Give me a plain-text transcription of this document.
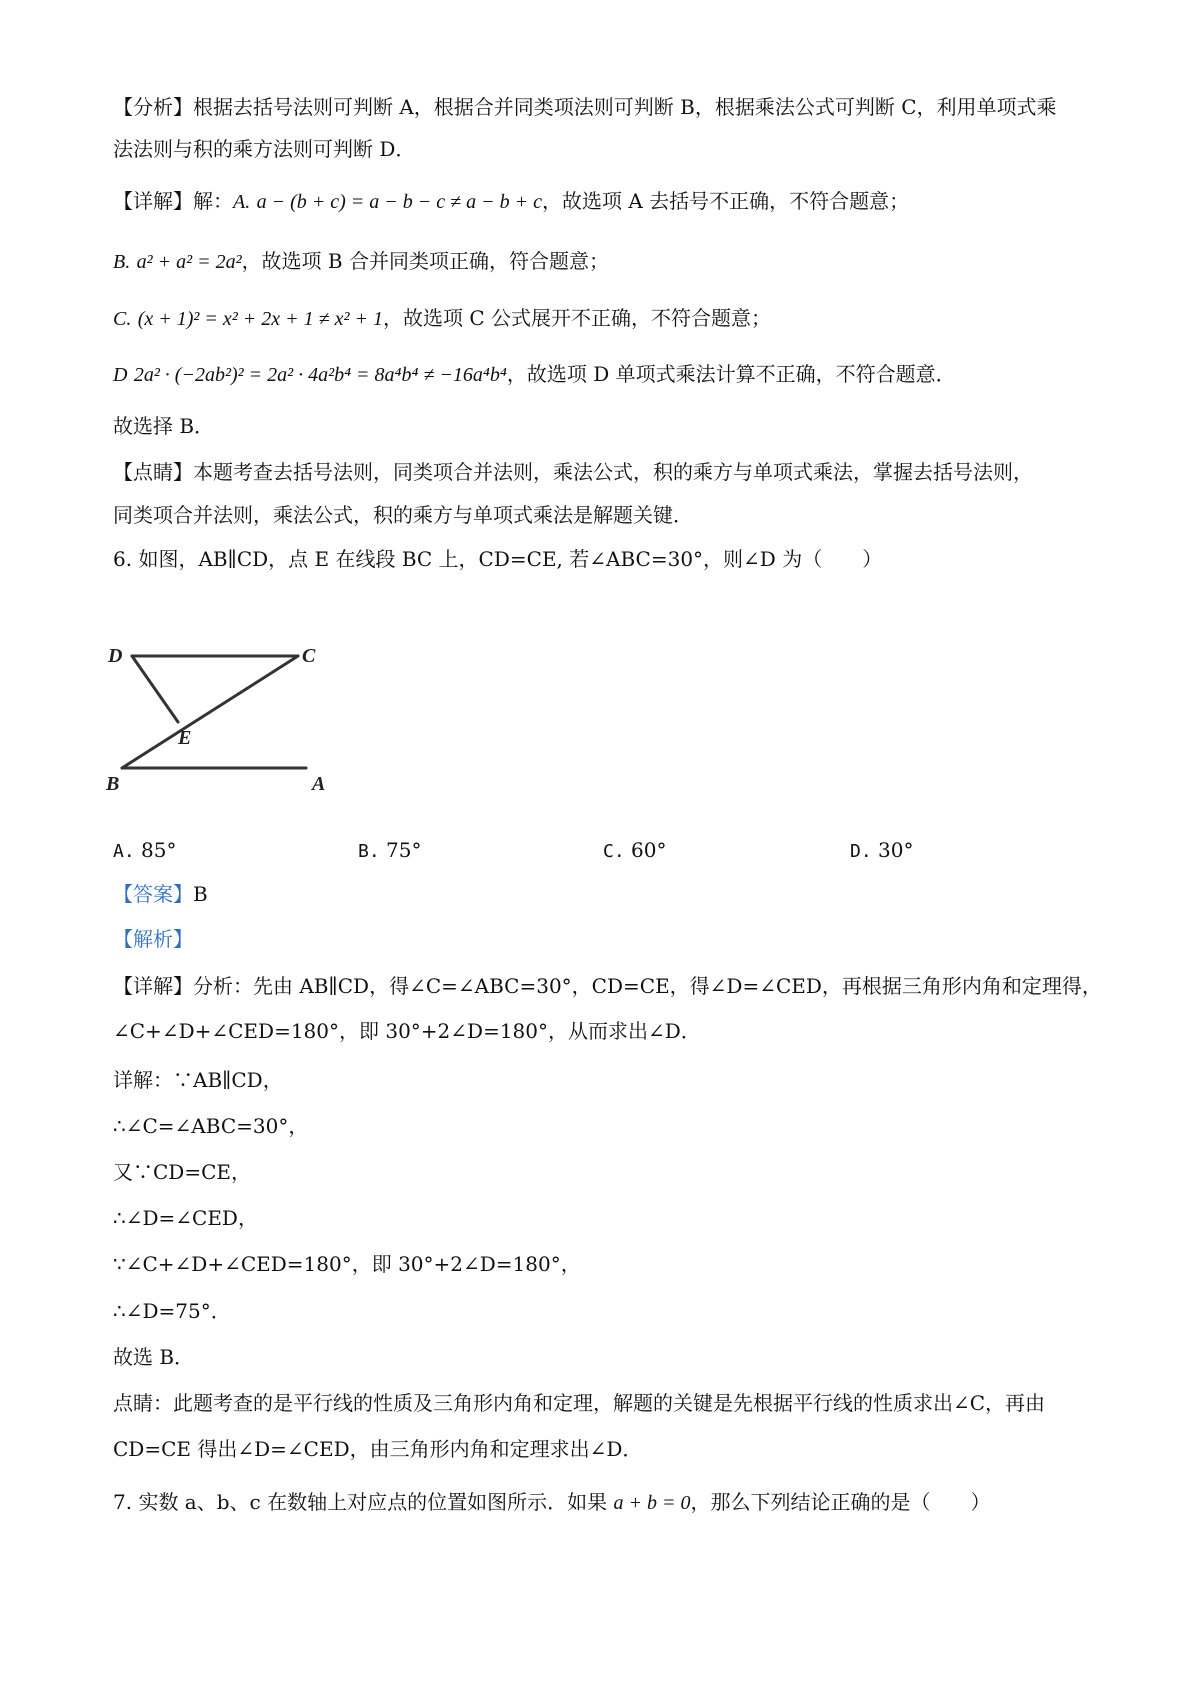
【分析】根据去括号法则可判断 A，根据合并同类项法则可判断 B，根据乘法公式可判断 C，利用单项式乘
法法则与积的乘方法则可判断 D．
【详解】解：A. a − (b + c) = a − b − c ≠ a − b + c，故选项 A 去括号不正确，不符合题意；
B. a² + a² = 2a²，故选项 B 合并同类项正确，符合题意；
C. (x + 1)² = x² + 2x + 1 ≠ x² + 1，故选项 C 公式展开不正确，不符合题意；
D 2a² · (−2ab²)² = 2a² · 4a²b⁴ = 8a⁴b⁴ ≠ −16a⁴b⁴，故选项 D 单项式乘法计算不正确，不符合题意．
故选择 B．
【点睛】本题考查去括号法则，同类项合并法则，乘法公式，积的乘方与单项式乘法，掌握去括号法则，
同类项合并法则，乘法公式，积的乘方与单项式乘法是解题关键．
6. 如图，AB∥CD，点 E 在线段 BC 上，CD=CE, 若∠ABC=30°，则∠D 为（　　）
D	C
E
B	A
A. 85°	B. 75°	C. 60°	D. 30°
【答案】B
【解析】
【详解】分析：先由 AB∥CD，得∠C=∠ABC=30°，CD=CE，得∠D=∠CED，再根据三角形内角和定理得，
∠C+∠D+∠CED=180°，即 30°+2∠D=180°，从而求出∠D．
详解：∵AB∥CD，
∴∠C=∠ABC=30°，
又∵CD=CE，
∴∠D=∠CED，
∵∠C+∠D+∠CED=180°，即 30°+2∠D=180°，
∴∠D=75°．
故选 B．
点睛：此题考查的是平行线的性质及三角形内角和定理，解题的关键是先根据平行线的性质求出∠C，再由
CD=CE 得出∠D=∠CED，由三角形内角和定理求出∠D．
7. 实数 a、b、c 在数轴上对应点的位置如图所示．如果 a + b = 0，那么下列结论正确的是（　　）
